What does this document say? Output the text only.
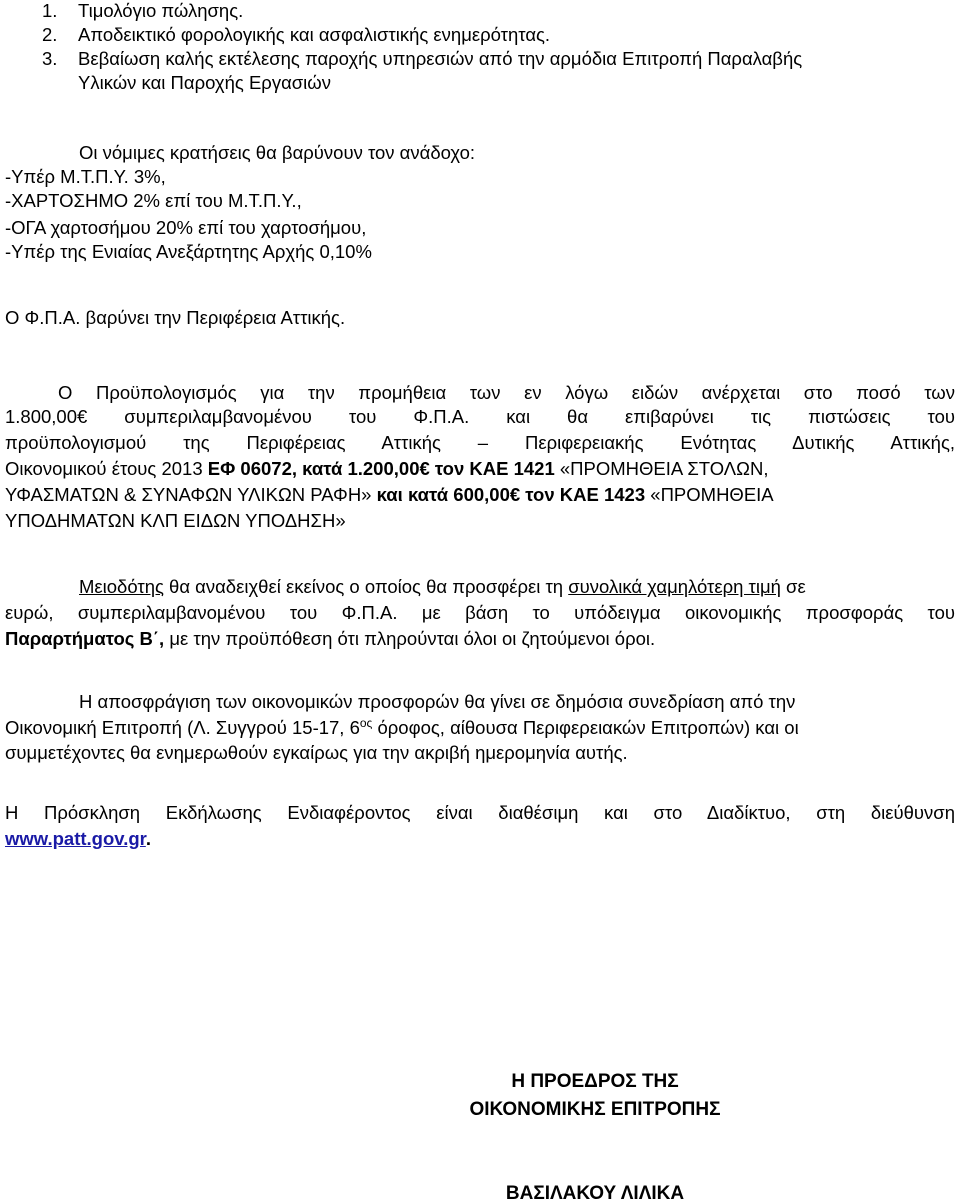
1. Τιμολόγιο πώλησης.
2. Αποδεικτικό φορολογικής και ασφαλιστικής ενημερότητας.
3. Βεβαίωση καλής εκτέλεσης παροχής υπηρεσιών από την αρμόδια Επιτροπή Παραλαβής
Υλικών και Παροχής Εργασιών
Οι νόμιμες κρατήσεις θα βαρύνουν τον ανάδοχο:
-Υπέρ Μ.Τ.Π.Υ. 3%,
-ΧΑΡΤΟΣΗΜΟ 2% επί του Μ.Τ.Π.Υ.,
-ΟΓΑ χαρτοσήμου 20% επί του χαρτοσήμου,
-Υπέρ της Ενιαίας Ανεξάρτητης Αρχής 0,10%
Ο Φ.Π.Α. βαρύνει την Περιφέρεια Αττικής.
Ο Προϋπολογισμός για την προμήθεια των εν λόγω ειδών ανέρχεται στο ποσό των
1.800,00€ συμπεριλαμβανομένου του Φ.Π.Α. και θα επιβαρύνει τις πιστώσεις του
προϋπολογισμού της Περιφέρειας Αττικής – Περιφερειακής Ενότητας Δυτικής Αττικής,
Οικονομικού έτους 2013 ΕΦ 06072, κατά 1.200,00€ τον ΚΑΕ 1421 «ΠΡΟΜΗΘΕΙΑ ΣΤΟΛΩΝ,
ΥΦΑΣΜΑΤΩΝ & ΣΥΝΑΦΩΝ ΥΛΙΚΩΝ ΡΑΦΗ» και κατά 600,00€ τον ΚΑΕ 1423 «ΠΡΟΜΗΘΕΙΑ
ΥΠΟΔΗΜΑΤΩΝ ΚΛΠ ΕΙΔΩΝ ΥΠΟΔΗΣΗ»
Μειοδότης θα αναδειχθεί εκείνος ο οποίος θα προσφέρει τη συνολικά χαμηλότερη τιμή σε
ευρώ, συμπεριλαμβανομένου του Φ.Π.Α. με βάση το υπόδειγμα οικονομικής προσφοράς του
Παραρτήματος Β΄, με την προϋπόθεση ότι πληρούνται όλοι οι ζητούμενοι όροι.
Η αποσφράγιση των οικονομικών προσφορών θα γίνει σε δημόσια συνεδρίαση από την
Οικονομική Επιτροπή (Λ. Συγγρού 15-17, $6^{o\varsigma}$ όροφος, αίθουσα Περιφερειακών Επιτροπών) και οι
συμμετέχοντες θα ενημερωθούν εγκαίρως για την ακριβή ημερομηνία αυτής.
Η Πρόσκληση Εκδήλωσης Ενδιαφέροντος είναι διαθέσιμη και στο Διαδίκτυο, στη διεύθυνση
www.patt.gov.gr.
Η ΠΡΟΕΔΡΟΣ ΤΗΣ
ΟΙΚΟΝΟΜΙΚΗΣ ΕΠΙΤΡΟΠΗΣ
ΒΑΣΙΛΑΚΟΥ ΛΙΛΙΚΑ
